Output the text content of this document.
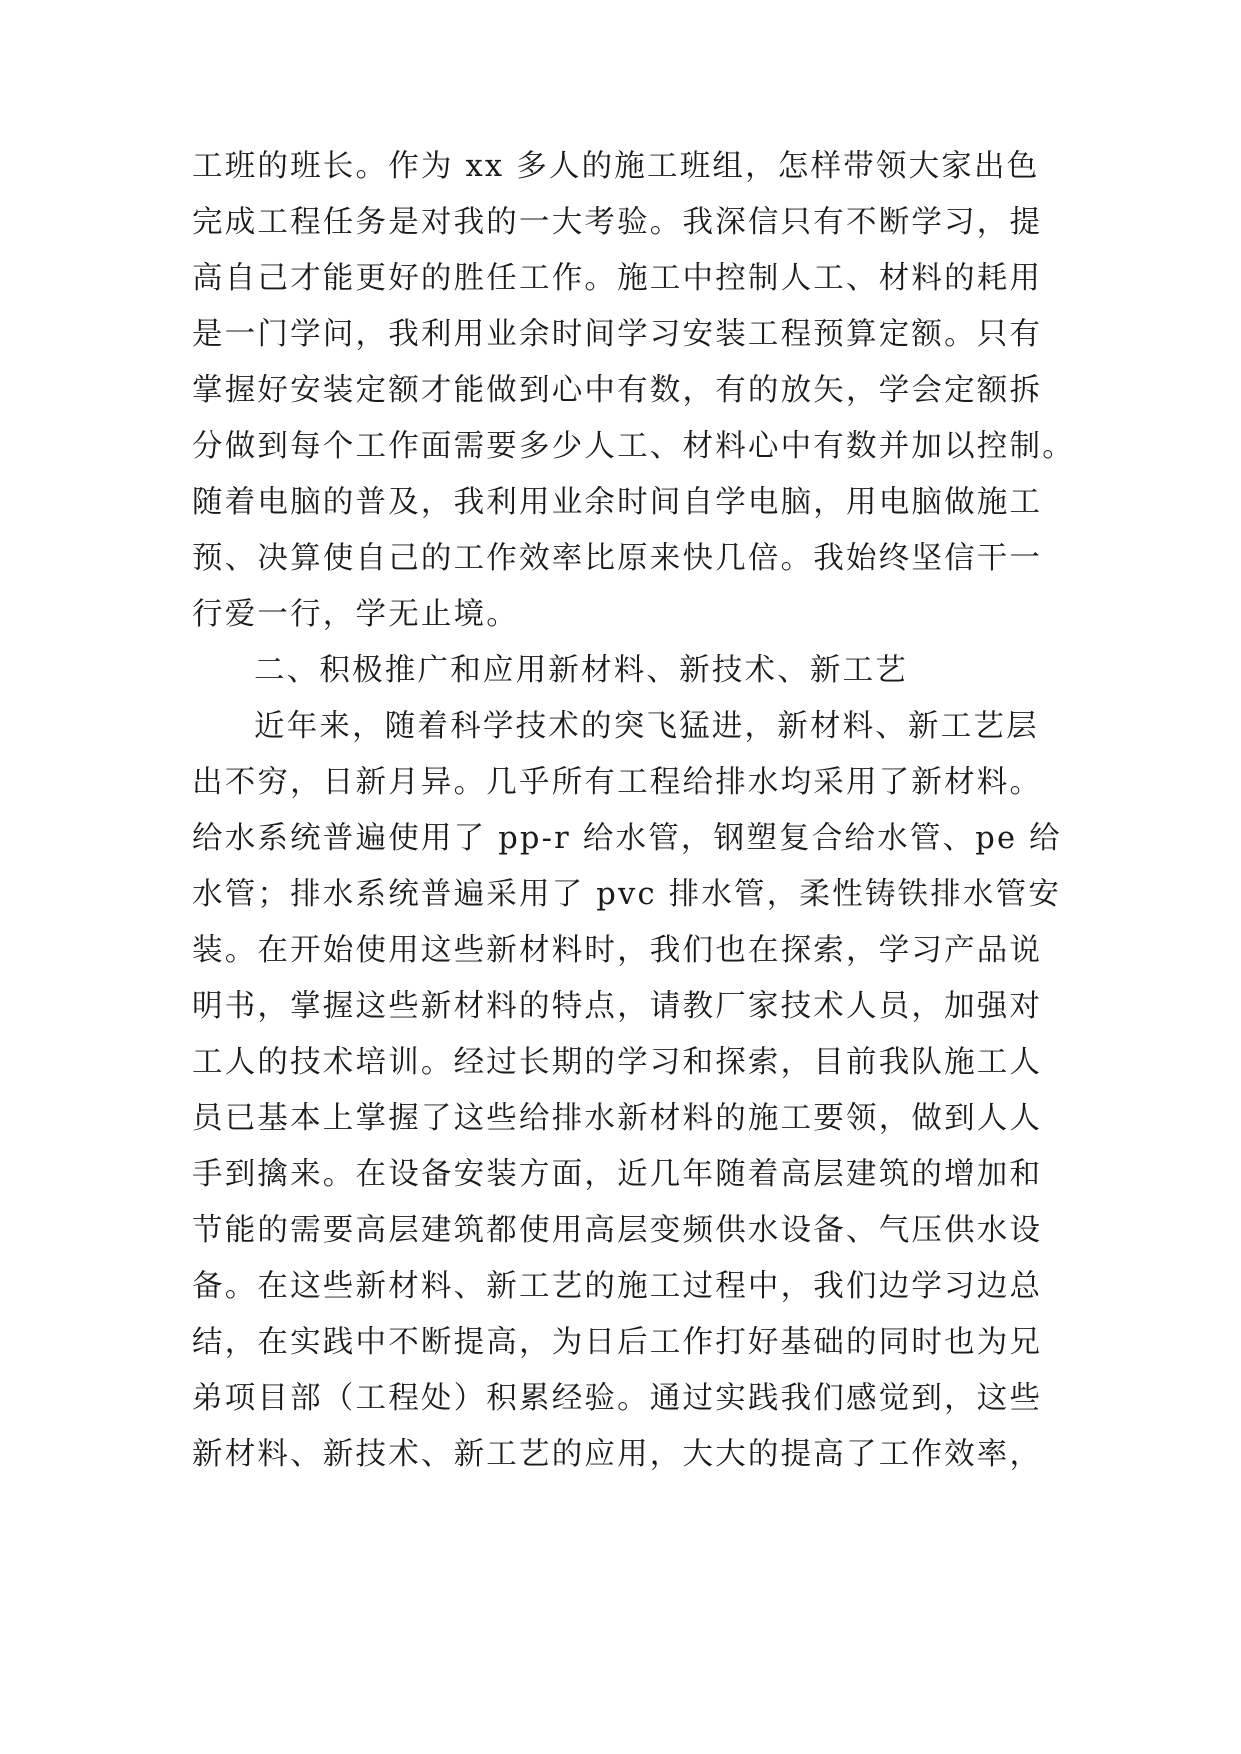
工班的班长。作为 xx 多人的施工班组，怎样带领大家出色
完成工程任务是对我的一大考验。我深信只有不断学习，提
高自己才能更好的胜任工作。施工中控制人工、材料的耗用
是一门学问，我利用业余时间学习安装工程预算定额。只有
掌握好安装定额才能做到心中有数，有的放矢，学会定额拆
分做到每个工作面需要多少人工、材料心中有数并加以控制。
随着电脑的普及，我利用业余时间自学电脑，用电脑做施工
预、决算使自己的工作效率比原来快几倍。我始终坚信干一
行爱一行，学无止境。
二、积极推广和应用新材料、新技术、新工艺
近年来，随着科学技术的突飞猛进，新材料、新工艺层
出不穷，日新月异。几乎所有工程给排水均采用了新材料。
给水系统普遍使用了 pp-r 给水管，钢塑复合给水管、pe 给
水管；排水系统普遍采用了 pvc 排水管，柔性铸铁排水管安
装。在开始使用这些新材料时，我们也在探索，学习产品说
明书，掌握这些新材料的特点，请教厂家技术人员，加强对
工人的技术培训。经过长期的学习和探索，目前我队施工人
员已基本上掌握了这些给排水新材料的施工要领，做到人人
手到擒来。在设备安装方面，近几年随着高层建筑的增加和
节能的需要高层建筑都使用高层变频供水设备、气压供水设
备。在这些新材料、新工艺的施工过程中，我们边学习边总
结，在实践中不断提高，为日后工作打好基础的同时也为兄
弟项目部（工程处）积累经验。通过实践我们感觉到，这些
新材料、新技术、新工艺的应用，大大的提高了工作效率，
